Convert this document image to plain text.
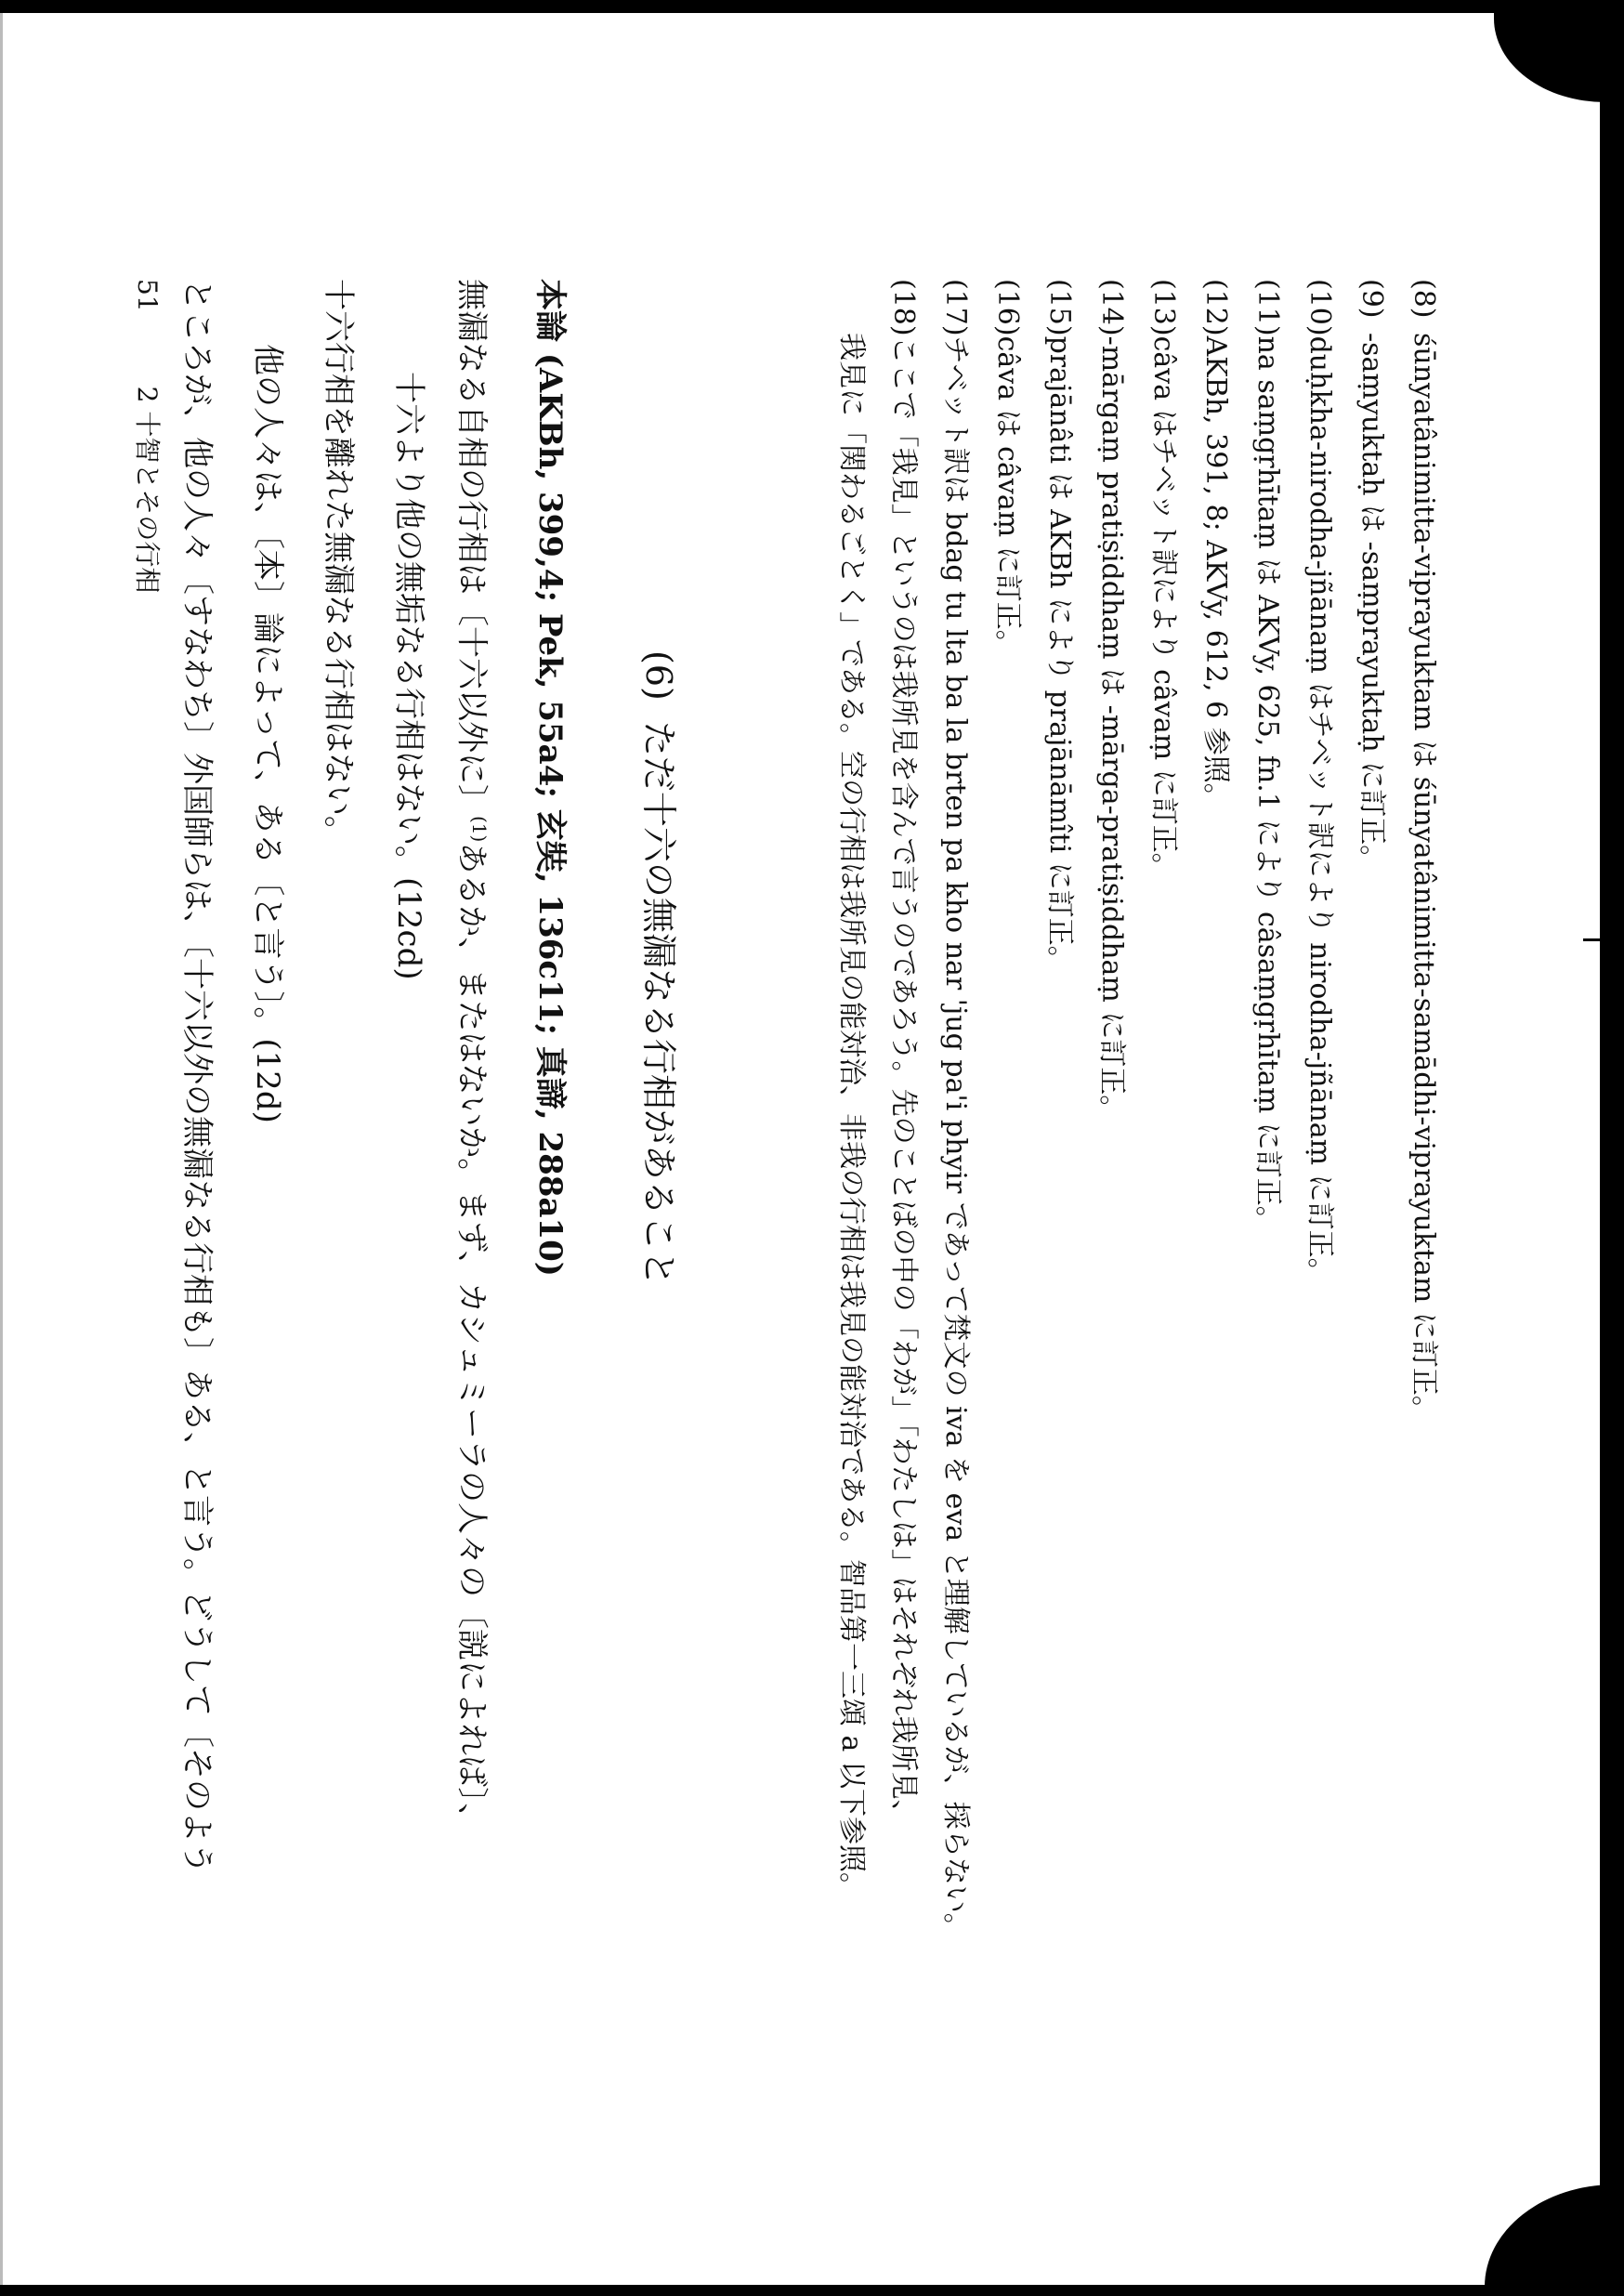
(8)śūnyatânimitta-viprayuktam は śūnyatânimitta-samādhi-viprayuktam に訂正。
(9)-saṃyuktaḥ は -saṃprayuktaḥ に訂正。
(10)duḥkha-nirodha-jñānaṃ はチベット訳により nirodha-jñānaṃ に訂正。
(11)na saṃgṛhītaṃ は AKVy, 625, fn.1 により câsaṃgṛhītaṃ に訂正。
(12)AKBh, 391, 8; AKVy, 612, 6 参照。
(13)câva はチベット訳により câvaṃ に訂正。
(14)-mārgaṃ pratiṣiddhaṃ は -mārga-pratiṣiddhaṃ に訂正。
(15)prajānâti は AKBh により prajānāmîti に訂正。
(16)câva は câvaṃ に訂正。
(17)チベット訳は bdag tu lta ba la brten pa kho nar 'jug pa'i phyir であって梵文の iva を eva と理解しているが、採らない。
(18)ここで「我見」というのは我所見を含んで言うのであろう。先のことばの中の「わが」「わたしは」はそれぞれ我所見、
我見に「関わるごとく」である。空の行相は我所見の能対治、非我の行相は我見の能対治である。智品第一三頌 a 以下参照。
(6)ただ十六の無漏なる行相があること
本論 (AKBh, 399,4; Pek, 55a4; 玄奘, 136c11; 真諦, 288a10)
無漏なる自相の行相は〔十六以外に〕$^{(1)}$あるか、またはないか。まず、カシュミーラの人々の〔説によれば〕、
十六より他の無垢なる行相はない。(12cd)
十六行相を離れた無漏なる行相はない。
他の人々は、〔本〕論によって、ある〔と言う〕。(12d)
ところが、他の人々〔すなわち〕外国師らは、〔十六以外の無漏なる行相も〕ある、と言う。どうして〔そのよう
512 十智とその行相
